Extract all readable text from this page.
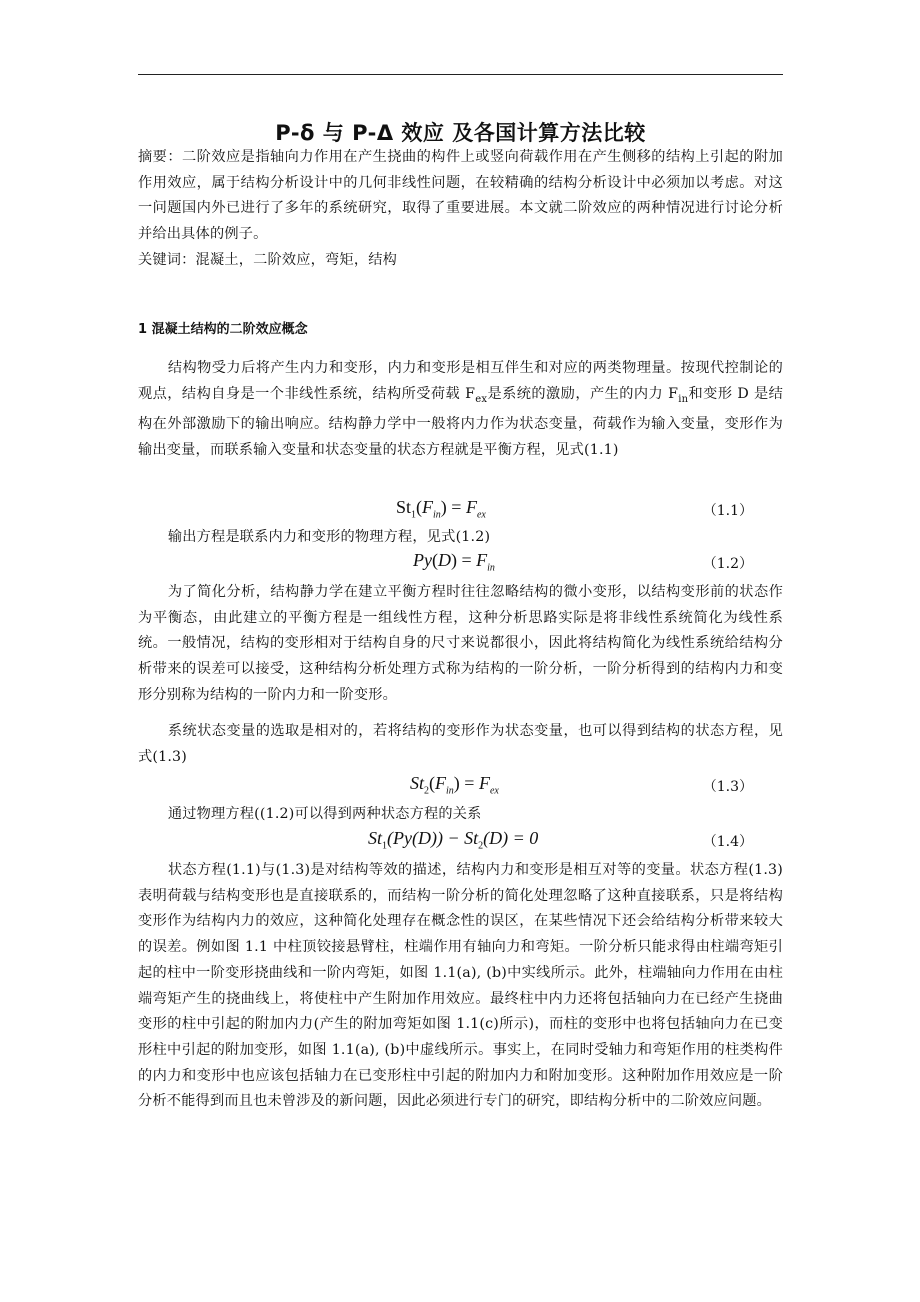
P-δ 与 P-Δ 效应 及各国计算方法比较

摘要：二阶效应是指轴向力作用在产生挠曲的构件上或竖向荷载作用在产生侧移的结构上引起的附加作用效应，属于结构分析设计中的几何非线性问题，在较精确的结构分析设计中必须加以考虑。对这一问题国内外已进行了多年的系统研究，取得了重要进展。本文就二阶效应的两种情况进行讨论分析并给出具体的例子。

关键词：混凝土，二阶效应，弯矩，结构

1 混凝土结构的二阶效应概念

结构物受力后将产生内力和变形，内力和变形是相互伴生和对应的两类物理量。按现代控制论的观点，结构自身是一个非线性系统，结构所受荷载 $F_{ex}$是系统的激励，产生的内力 $F_{in}$和变形 D 是结构在外部激励下的输出响应。结构静力学中一般将内力作为状态变量，荷载作为输入变量，变形作为输出变量，而联系输入变量和状态变量的状态方程就是平衡方程，见式(1.1)

$St_1(F_{in}) = F_{ex}$	（1.1）

输出方程是联系内力和变形的物理方程，见式(1.2)

$Py(D) = F_{in}$	（1.2）

为了简化分析，结构静力学在建立平衡方程时往往忽略结构的微小变形，以结构变形前的状态作为平衡态，由此建立的平衡方程是一组线性方程，这种分析思路实际是将非线性系统简化为线性系统。一般情况，结构的变形相对于结构自身的尺寸来说都很小，因此将结构简化为线性系统给结构分析带来的误差可以接受，这种结构分析处理方式称为结构的一阶分析，一阶分析得到的结构内力和变形分别称为结构的一阶内力和一阶变形。

系统状态变量的选取是相对的，若将结构的变形作为状态变量，也可以得到结构的状态方程，见式(1.3)

$St_2(F_{in}) = F_{ex}$	（1.3）

通过物理方程((1.2)可以得到两种状态方程的关系

$St_1(Py(D)) - St_2(D) = 0$	（1.4）

状态方程(1.1)与(1.3)是对结构等效的描述，结构内力和变形是相互对等的变量。状态方程(1.3)表明荷载与结构变形也是直接联系的，而结构一阶分析的简化处理忽略了这种直接联系，只是将结构变形作为结构内力的效应，这种简化处理存在概念性的误区，在某些情况下还会给结构分析带来较大的误差。例如图 1.1 中柱顶铰接悬臂柱，柱端作用有轴向力和弯矩。一阶分析只能求得由柱端弯矩引起的柱中一阶变形挠曲线和一阶内弯矩，如图 1.1(a), (b)中实线所示。此外，柱端轴向力作用在由柱端弯矩产生的挠曲线上，将使柱中产生附加作用效应。最终柱中内力还将包括轴向力在已经产生挠曲变形的柱中引起的附加内力(产生的附加弯矩如图 1.1(c)所示)，而柱的变形中也将包括轴向力在已变形柱中引起的附加变形，如图 1.1(a), (b)中虚线所示。事实上，在同时受轴力和弯矩作用的柱类构件的内力和变形中也应该包括轴力在已变形柱中引起的附加内力和附加变形。这种附加作用效应是一阶分析不能得到而且也未曾涉及的新问题，因此必须进行专门的研究，即结构分析中的二阶效应问题。
